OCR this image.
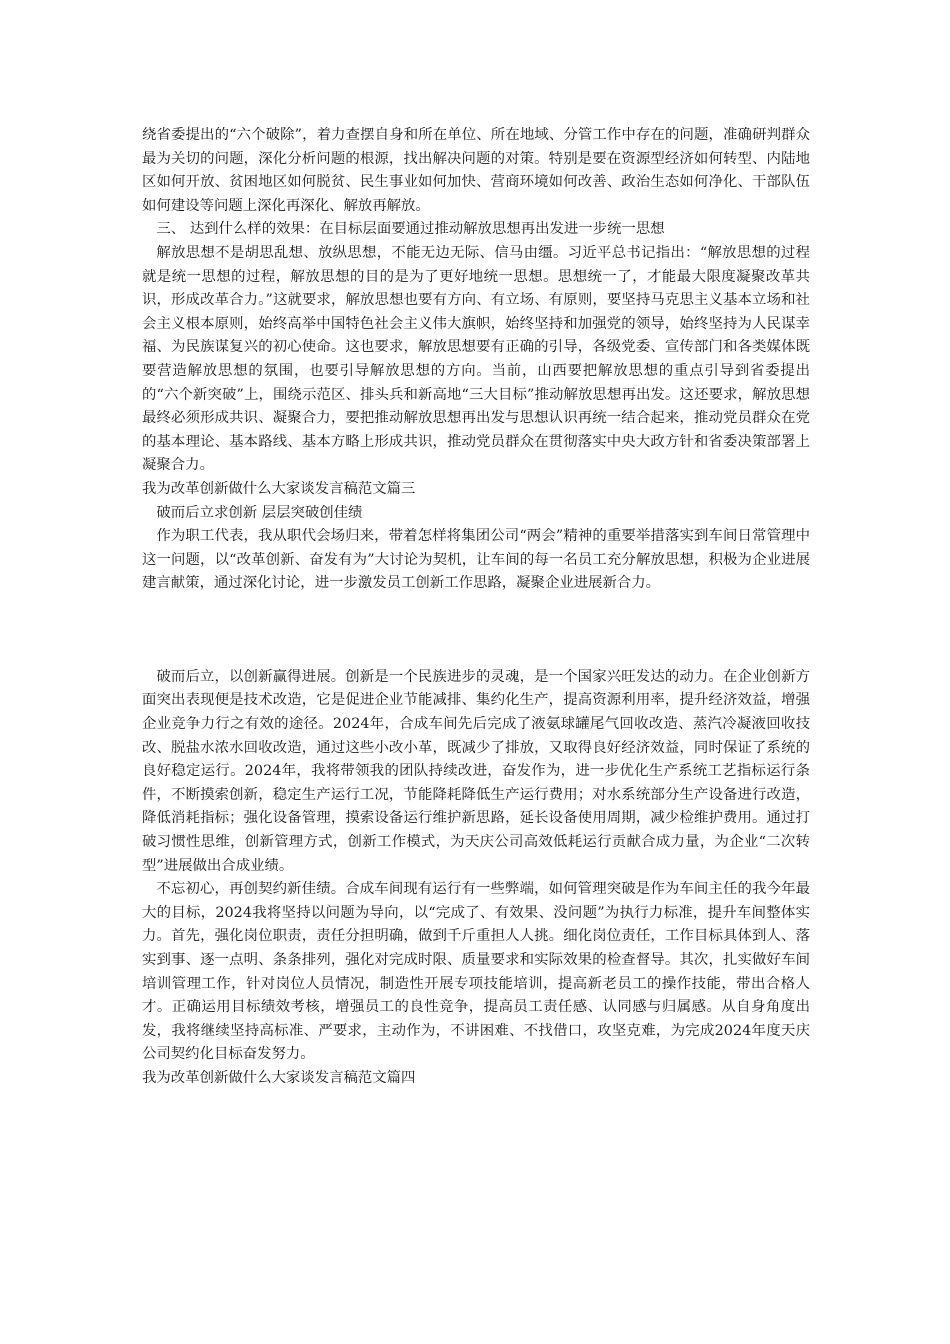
绕省委提出的“六个破除”，着力查摆自身和所在单位、所在地域、分管工作中存在的问题，准确研判群众最为关切的问题，深化分析问题的根源，找出解决问题的对策。特别是要在资源型经济如何转型、内陆地区如何开放、贫困地区如何脱贫、民生事业如何加快、营商环境如何改善、政治生态如何净化、干部队伍如何建设等问题上深化再深化、解放再解放。

三、 达到什么样的效果：在目标层面要通过推动解放思想再出发进一步统一思想

解放思想不是胡思乱想、放纵思想，不能无边无际、信马由缰。习近平总书记指出：“解放思想的过程就是统一思想的过程，解放思想的目的是为了更好地统一思想。思想统一了，才能最大限度凝聚改革共识，形成改革合力。”这就要求，解放思想也要有方向、有立场、有原则，要坚持马克思主义基本立场和社会主义根本原则，始终高举中国特色社会主义伟大旗帜，始终坚持和加强党的领导，始终坚持为人民谋幸福、为民族谋复兴的初心使命。这也要求，解放思想要有正确的引导，各级党委、宣传部门和各类媒体既要营造解放思想的氛围，也要引导解放思想的方向。当前，山西要把解放思想的重点引导到省委提出的“六个新突破”上，围绕示范区、排头兵和新高地“三大目标”推动解放思想再出发。这还要求，解放思想最终必须形成共识、凝聚合力，要把推动解放思想再出发与思想认识再统一结合起来，推动党员群众在党的基本理论、基本路线、基本方略上形成共识，推动党员群众在贯彻落实中央大政方针和省委决策部署上凝聚合力。

我为改革创新做什么大家谈发言稿范文篇三

破而后立求创新 层层突破创佳绩

作为职工代表，我从职代会场归来，带着怎样将集团公司“两会”精神的重要举措落实到车间日常管理中这一问题，以“改革创新、奋发有为”大讨论为契机，让车间的每一名员工充分解放思想，积极为企业进展建言献策，通过深化讨论，进一步激发员工创新工作思路，凝聚企业进展新合力。

破而后立，以创新赢得进展。创新是一个民族进步的灵魂，是一个国家兴旺发达的动力。在企业创新方面突出表现便是技术改造，它是促进企业节能减排、集约化生产，提高资源利用率，提升经济效益，增强企业竞争力行之有效的途径。2024年，合成车间先后完成了液氨球罐尾气回收改造、蒸汽冷凝液回收技改、脱盐水浓水回收改造，通过这些小改小革，既减少了排放，又取得良好经济效益，同时保证了系统的良好稳定运行。2024年，我将带领我的团队持续改进，奋发作为，进一步优化生产系统工艺指标运行条件，不断摸索创新，稳定生产运行工况，节能降耗降低生产运行费用；对水系统部分生产设备进行改造，降低消耗指标；强化设备管理，摸索设备运行维护新思路，延长设备使用周期，减少检维护费用。通过打破习惯性思维，创新管理方式，创新工作模式，为天庆公司高效低耗运行贡献合成力量，为企业“二次转型”进展做出合成业绩。

不忘初心，再创契约新佳绩。合成车间现有运行有一些弊端，如何管理突破是作为车间主任的我今年最大的目标，2024我将坚持以问题为导向，以“完成了、有效果、没问题”为执行力标准，提升车间整体实力。首先，强化岗位职责，责任分担明确，做到千斤重担人人挑。细化岗位责任，工作目标具体到人、落实到事、逐一点明、条条排列，强化对完成时限、质量要求和实际效果的检查督导。其次，扎实做好车间培训管理工作，针对岗位人员情况，制造性开展专项技能培训，提高新老员工的操作技能，带出合格人才。正确运用目标绩效考核，增强员工的良性竞争，提高员工责任感、认同感与归属感。从自身角度出发，我将继续坚持高标准、严要求，主动作为，不讲困难、不找借口，攻坚克难，为完成2024年度天庆公司契约化目标奋发努力。

我为改革创新做什么大家谈发言稿范文篇四
